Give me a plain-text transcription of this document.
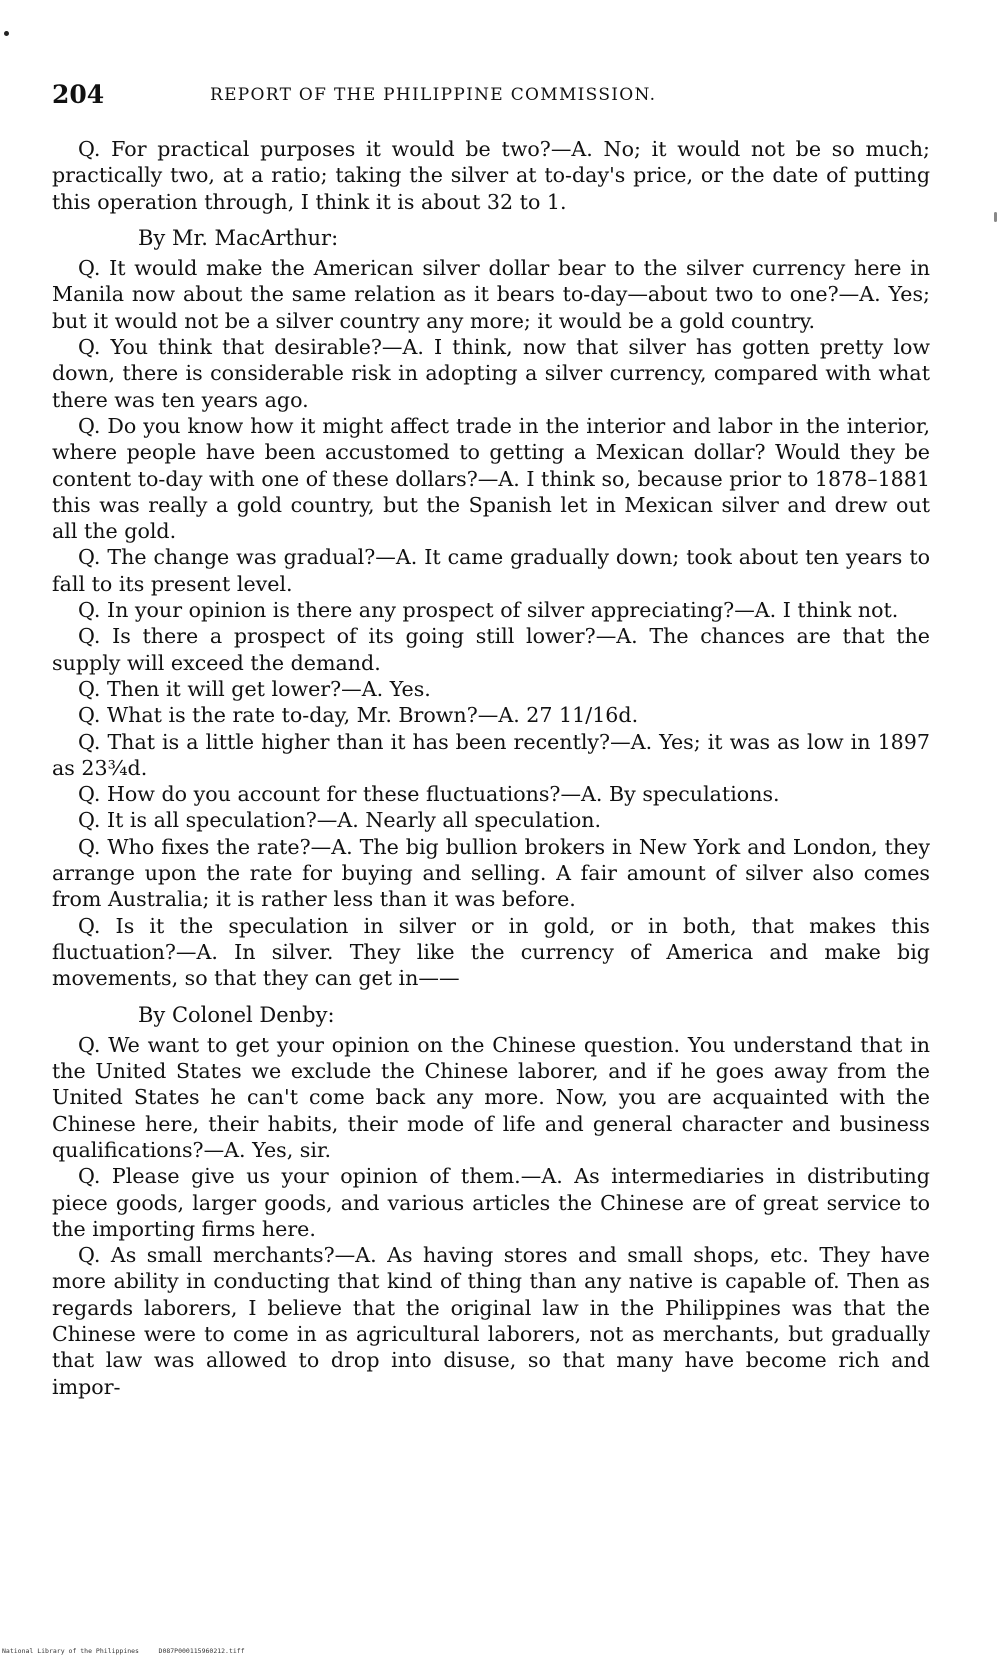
204	REPORT OF THE PHILIPPINE COMMISSION.

Q. For practical purposes it would be two?—A. No; it would not be so much; practically two, at a ratio; taking the silver at to-day's price, or the date of putting this operation through, I think it is about 32 to 1.

By Mr. MacArthur:

Q. It would make the American silver dollar bear to the silver currency here in Manila now about the same relation as it bears to-day—about two to one?—A. Yes; but it would not be a silver country any more; it would be a gold country.

Q. You think that desirable?—A. I think, now that silver has gotten pretty low down, there is considerable risk in adopting a silver currency, compared with what there was ten years ago.

Q. Do you know how it might affect trade in the interior and labor in the interior, where people have been accustomed to getting a Mexican dollar? Would they be content to-day with one of these dollars?—A. I think so, because prior to 1878–1881 this was really a gold country, but the Spanish let in Mexican silver and drew out all the gold.

Q. The change was gradual?—A. It came gradually down; took about ten years to fall to its present level.

Q. In your opinion is there any prospect of silver appreciating?—A. I think not.

Q. Is there a prospect of its going still lower?—A. The chances are that the supply will exceed the demand.

Q. Then it will get lower?—A. Yes.

Q. What is the rate to-day, Mr. Brown?—A. 27 11/16d.

Q. That is a little higher than it has been recently?—A. Yes; it was as low in 1897 as 23¾d.

Q. How do you account for these fluctuations?—A. By speculations.

Q. It is all speculation?—A. Nearly all speculation.

Q. Who fixes the rate?—A. The big bullion brokers in New York and London, they arrange upon the rate for buying and selling. A fair amount of silver also comes from Australia; it is rather less than it was before.

Q. Is it the speculation in silver or in gold, or in both, that makes this fluctuation?—A. In silver. They like the currency of America and make big movements, so that they can get in——

By Colonel Denby:

Q. We want to get your opinion on the Chinese question. You understand that in the United States we exclude the Chinese laborer, and if he goes away from the United States he can't come back any more. Now, you are acquainted with the Chinese here, their habits, their mode of life and general character and business qualifications?—A. Yes, sir.

Q. Please give us your opinion of them.—A. As intermediaries in distributing piece goods, larger goods, and various articles the Chinese are of great service to the importing firms here.

Q. As small merchants?—A. As having stores and small shops, etc. They have more ability in conducting that kind of thing than any native is capable of. Then as regards laborers, I believe that the original law in the Philippines was that the Chinese were to come in as agricultural laborers, not as merchants, but gradually that law was allowed to drop into disuse, so that many have become rich and impor-

National Library of the Philippines     D087P000115960212.tiff
